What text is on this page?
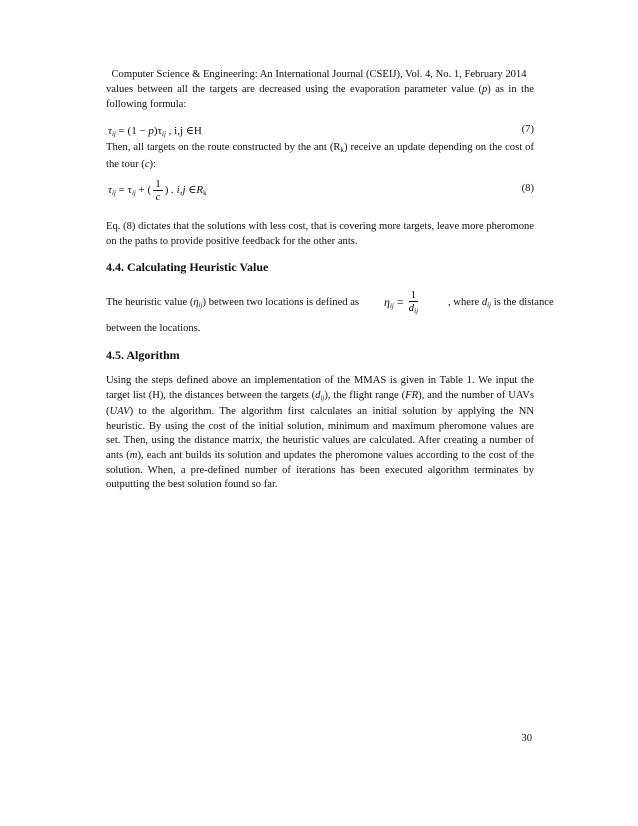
Computer Science & Engineering: An International Journal (CSEIJ), Vol. 4, No. 1, February 2014
values between all the targets are decreased using the evaporation parameter value (p) as in the following formula:
$\tau_{ij} = (1 - p)\tau_{ij}$ , i,j ∈H	(7)
Then, all targets on the route constructed by the ant $(R_k)$ receive an update depending on the cost of the tour (c):
$\tau_{ij} = \tau_{ij}$ + ( $\frac{1}{c}$ ) . i,j $\in R_k$	(8)
Eq. (8) dictates that the solutions with less cost, that is covering more targets, leave more pheromone on the paths to provide positive feedback for the other ants.
4.4. Calculating Heuristic Value
The heuristic value $(\eta_{ij})$ between two locations is defined as $\eta_{ij} = \frac{1}{d_{ij}}$	, where $d_{ij}$ is the distance
between the locations.
4.5. Algorithm
Using the steps defined above an implementation of the MMAS is given in Table 1. We input the target list (H), the distances between the targets $(d_{ij})$, the flight range (FR), and the number of UAVs (UAV) to the algorithm. The algorithm first calculates an initial solution by applying the NN heuristic. By using the cost of the initial solution, minimum and maximum pheromone values are set. Then, using the distance matrix, the heuristic values are calculated. After creating a number of ants (m), each ant builds its solution and updates the pheromone values according to the cost of the solution. When, a pre-defined number of iterations has been executed algorithm terminates by outputting the best solution found so far.
30
